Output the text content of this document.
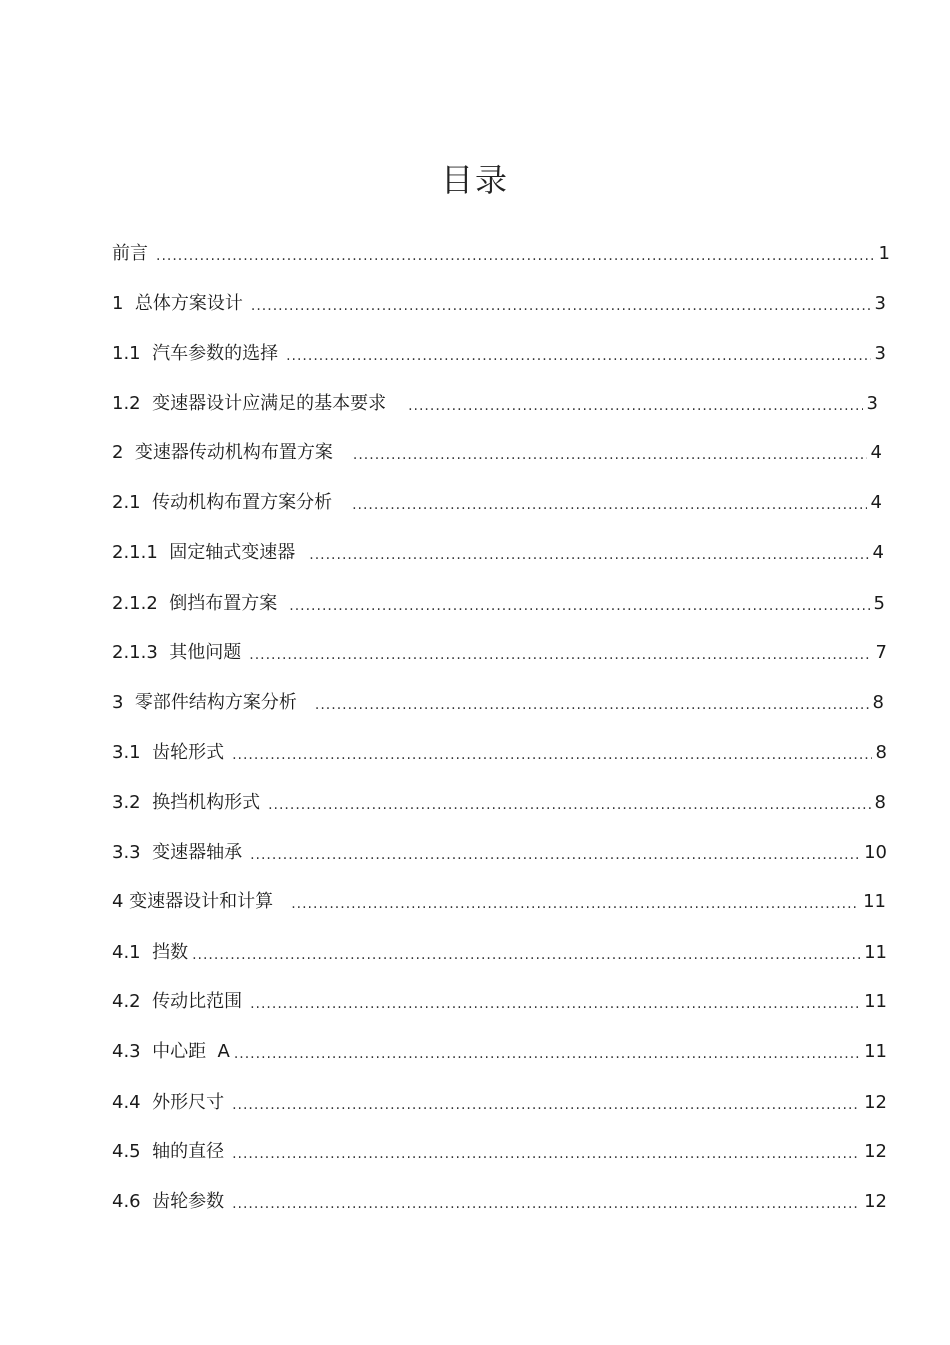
目录
前言 .....	1
1  总体方案设计 .....	3
1.1  汽车参数的选择 .....	3
1.2  变速器设计应满足的基本要求 .....	3
2  变速器传动机构布置方案 .....	4
2.1  传动机构布置方案分析 .....	4
2.1.1  固定轴式变速器 .....	4
2.1.2  倒挡布置方案 .....	5
2.1.3  其他问题 .....	7
3  零部件结构方案分析 .....	8
3.1  齿轮形式 .....	8
3.2  换挡机构形式 .....	8
3.3  变速器轴承 .....	10
4 变速器设计和计算 .....	11
4.1  挡数 .....	11
4.2  传动比范围 .....	11
4.3  中心距  A .....	11
4.4  外形尺寸 .....	12
4.5  轴的直径 .....	12
4.6  齿轮参数 .....	12
